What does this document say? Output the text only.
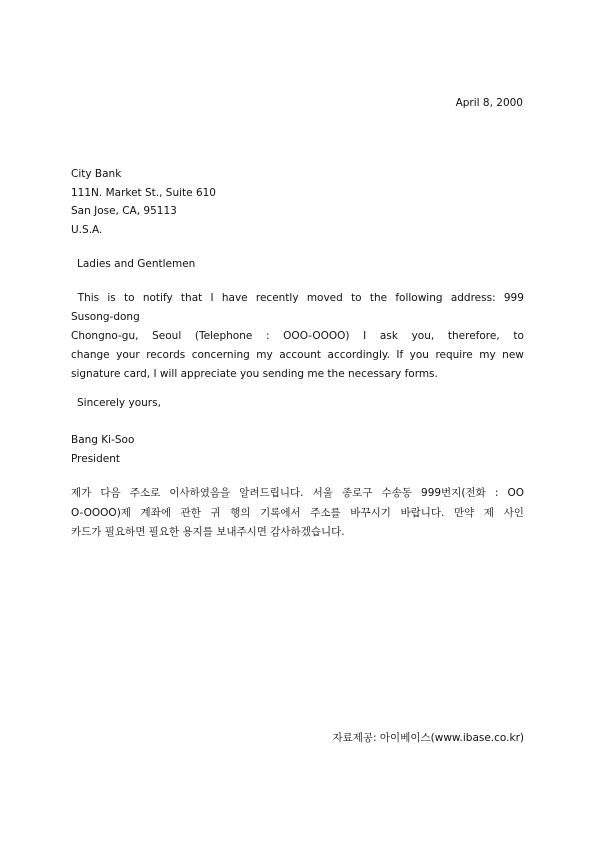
April 8, 2000
City Bank
111N. Market St., Suite 610
San Jose, CA, 95113
U.S.A.
Ladies and Gentlemen
This is to notify that I have recently moved to the following address: 999
Susong-dong
Chongno-gu, Seoul (Telephone : OOO-OOOO) I ask you, therefore, to
change your records concerning my account accordingly. If you require my new
signature card, I will appreciate you sending me the necessary forms.
Sincerely yours,
Bang Ki-Soo
President
제가 다음 주소로 이사하였음을 알려드립니다. 서울 종로구 수송동 999번지(전화 : OO
O-OOOO)제 계좌에 관한 귀 행의 기록에서 주소를 바꾸시기 바랍니다. 만약 제 사인
카드가 필요하면 필요한 용지를 보내주시면 감사하겠습니다.
자료제공: 아이베이스(www.ibase.co.kr)
